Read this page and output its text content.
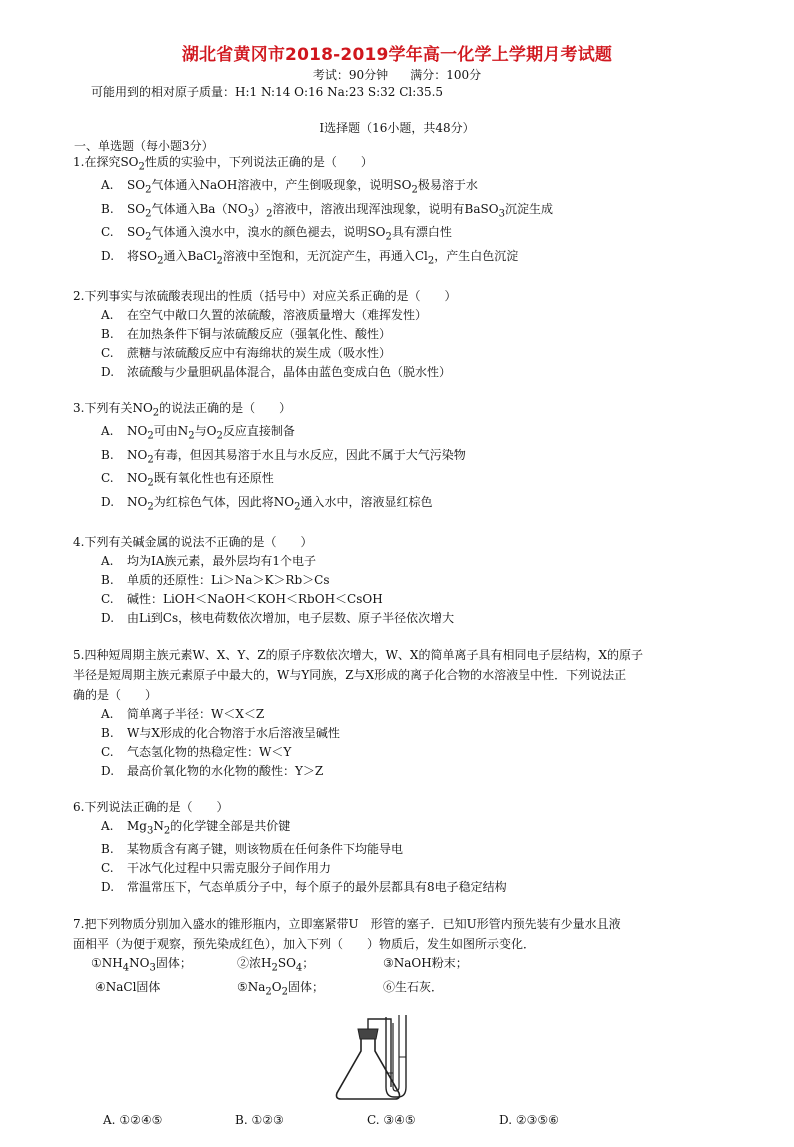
湖北省黄冈市2018-2019学年高一化学上学期月考试题
考试：90分钟 满分：100分
可能用到的相对原子质量：H:1 N:14 O:16 Na:23 S:32 Cl:35.5
I选择题（16小题，共48分）
一、单选题（每小题3分）
1.在探究$SO_2$性质的实验中，下列说法正确的是（　　）
A. $SO_2$气体通入NaOH溶液中，产生倒吸现象，说明$SO_2$极易溶于水
B. $SO_2$气体通入$Ba(NO_3)_2$溶液中，溶液出现浑浊现象，说明有BaSO$_3$沉淀生成
C. $SO_2$气体通入溴水中，溴水的颜色褪去，说明$SO_2$具有漂白性
D. 将$SO_2$通入BaCl$_2$溶液中至饱和，无沉淀产生，再通入$Cl_2$，产生白色沉淀
2.下列事实与浓硫酸表现出的性质（括号中）对应关系正确的是（　　）
A. 在空气中敞口久置的浓硫酸，溶液质量增大（难挥发性）
B. 在加热条件下铜与浓硫酸反应（强氧化性、酸性）
C. 蔗糖与浓硫酸反应中有海绵状的炭生成（吸水性）
D. 浓硫酸与少量胆矾晶体混合，晶体由蓝色变成白色（脱水性）
3.下列有关$NO_2$的说法正确的是（　　）
A. $NO_2$可由$N_2$与$O_2$反应直接制备
B. $NO_2$有毒，但因其易溶于水且与水反应，因此不属于大气污染物
C. $NO_2$既有氧化性也有还原性
D. $NO_2$为红棕色气体，因此将$NO_2$通入水中，溶液显红棕色
4.下列有关碱金属的说法不正确的是（　　）
A. 均为ⅠA族元素，最外层均有1个电子
B. 单质的还原性：Li＞Na＞K＞Rb＞Cs
C. 碱性：LiOH＜NaOH＜KOH＜RbOH＜CsOH
D. 由Li到Cs，核电荷数依次增加，电子层数、原子半径依次增大
5.四种短周期主族元素W、X、Y、Z的原子序数依次增大，W、X的简单离子具有相同电子层结构，X的原子
半径是短周期主族元素原子中最大的，W与Y同族，Z与X形成的离子化合物的水溶液呈中性．下列说法正
确的是（　　）
A. 简单离子半径：W＜X＜Z
B. W与X形成的化合物溶于水后溶液呈碱性
C. 气态氢化物的热稳定性：W＜Y
D. 最高价氧化物的水化物的酸性：Y＞Z
6.下列说法正确的是（　　）
A. $Mg_3N_2$的化学键全部是共价键
B. 某物质含有离子键，则该物质在任何条件下均能导电
C. 干冰气化过程中只需克服分子间作用力
D. 常温常压下，气态单质分子中，每个原子的最外层都具有8电子稳定结构
7.把下列物质分别加入盛水的锥形瓶内，立即塞紧带U　形管的塞子．已知U形管内预先装有少量水且液
面相平（为便于观察，预先染成红色），加入下列（　　）物质后，发生如图所示变化．
$①NH_4NO_3$固体；	②浓$H_2SO_4$；	③NaOH粉末；
④NaCl固体	$⑤Na_2O_2$固体；	⑥生石灰．
A. ①②④⑤	B. ①②③	C. ③④⑤	D. ②③⑤⑥
